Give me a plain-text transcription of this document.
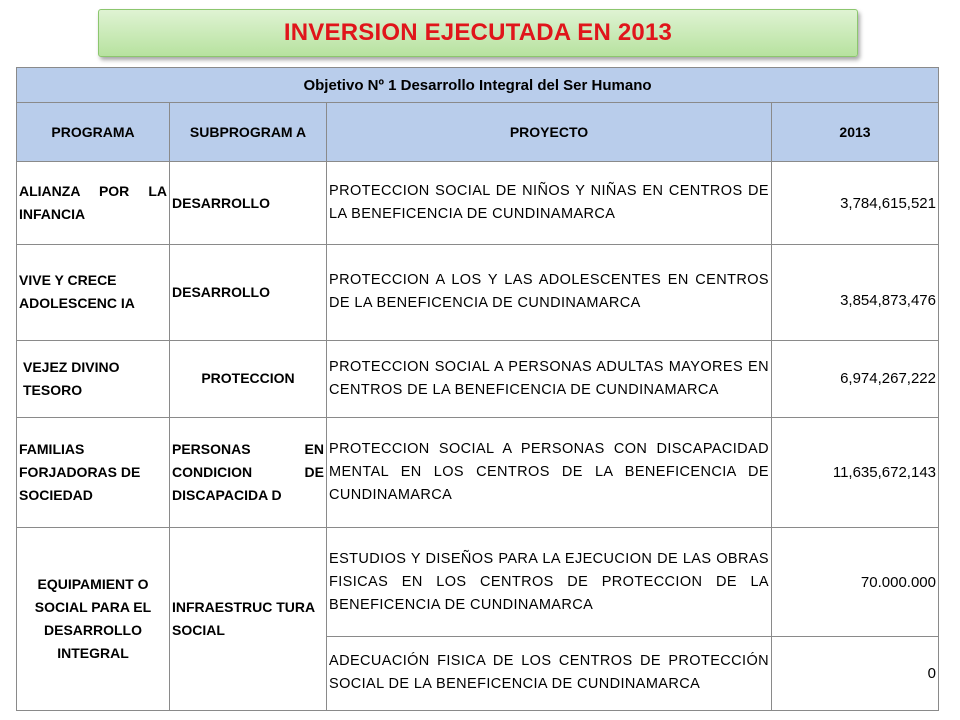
INVERSION EJECUTADA EN 2013
Objetivo Nº 1 Desarrollo Integral del Ser Humano			
PROGRAMA	SUBPROGRAM A	PROYECTO	2013
ALIANZA POR LA INFANCIA	DESARROLLO	PROTECCION SOCIAL DE NIÑOS Y NIÑAS EN CENTROS DE LA BENEFICENCIA DE CUNDINAMARCA	3,784,615,521
VIVE Y CRECE ADOLESCENC IA	DESARROLLO	PROTECCION A LOS Y LAS ADOLESCENTES EN CENTROS DE LA BENEFICENCIA DE CUNDINAMARCA	3,854,873,476
VEJEZ DIVINO TESORO	PROTECCION	PROTECCION SOCIAL A PERSONAS ADULTAS MAYORES EN CENTROS DE LA BENEFICENCIA DE CUNDINAMARCA	6,974,267,222
FAMILIAS FORJADORAS DE SOCIEDAD	PERSONAS EN CONDICION DE DISCAPACIDA D	PROTECCION SOCIAL A PERSONAS CON DISCAPACIDAD MENTAL EN LOS CENTROS DE LA BENEFICENCIA DE CUNDINAMARCA	11,635,672,143
EQUIPAMIENT O SOCIAL PARA EL DESARROLLO INTEGRAL	INFRAESTRUC TURA SOCIAL	ESTUDIOS Y DISEÑOS PARA LA EJECUCION DE LAS OBRAS FISICAS EN LOS CENTROS DE PROTECCION DE LA BENEFICENCIA DE CUNDINAMARCA	70.000.000
		ADECUACIÓN FISICA DE LOS CENTROS DE PROTECCIÓN SOCIAL DE LA BENEFICENCIA DE CUNDINAMARCA	0
